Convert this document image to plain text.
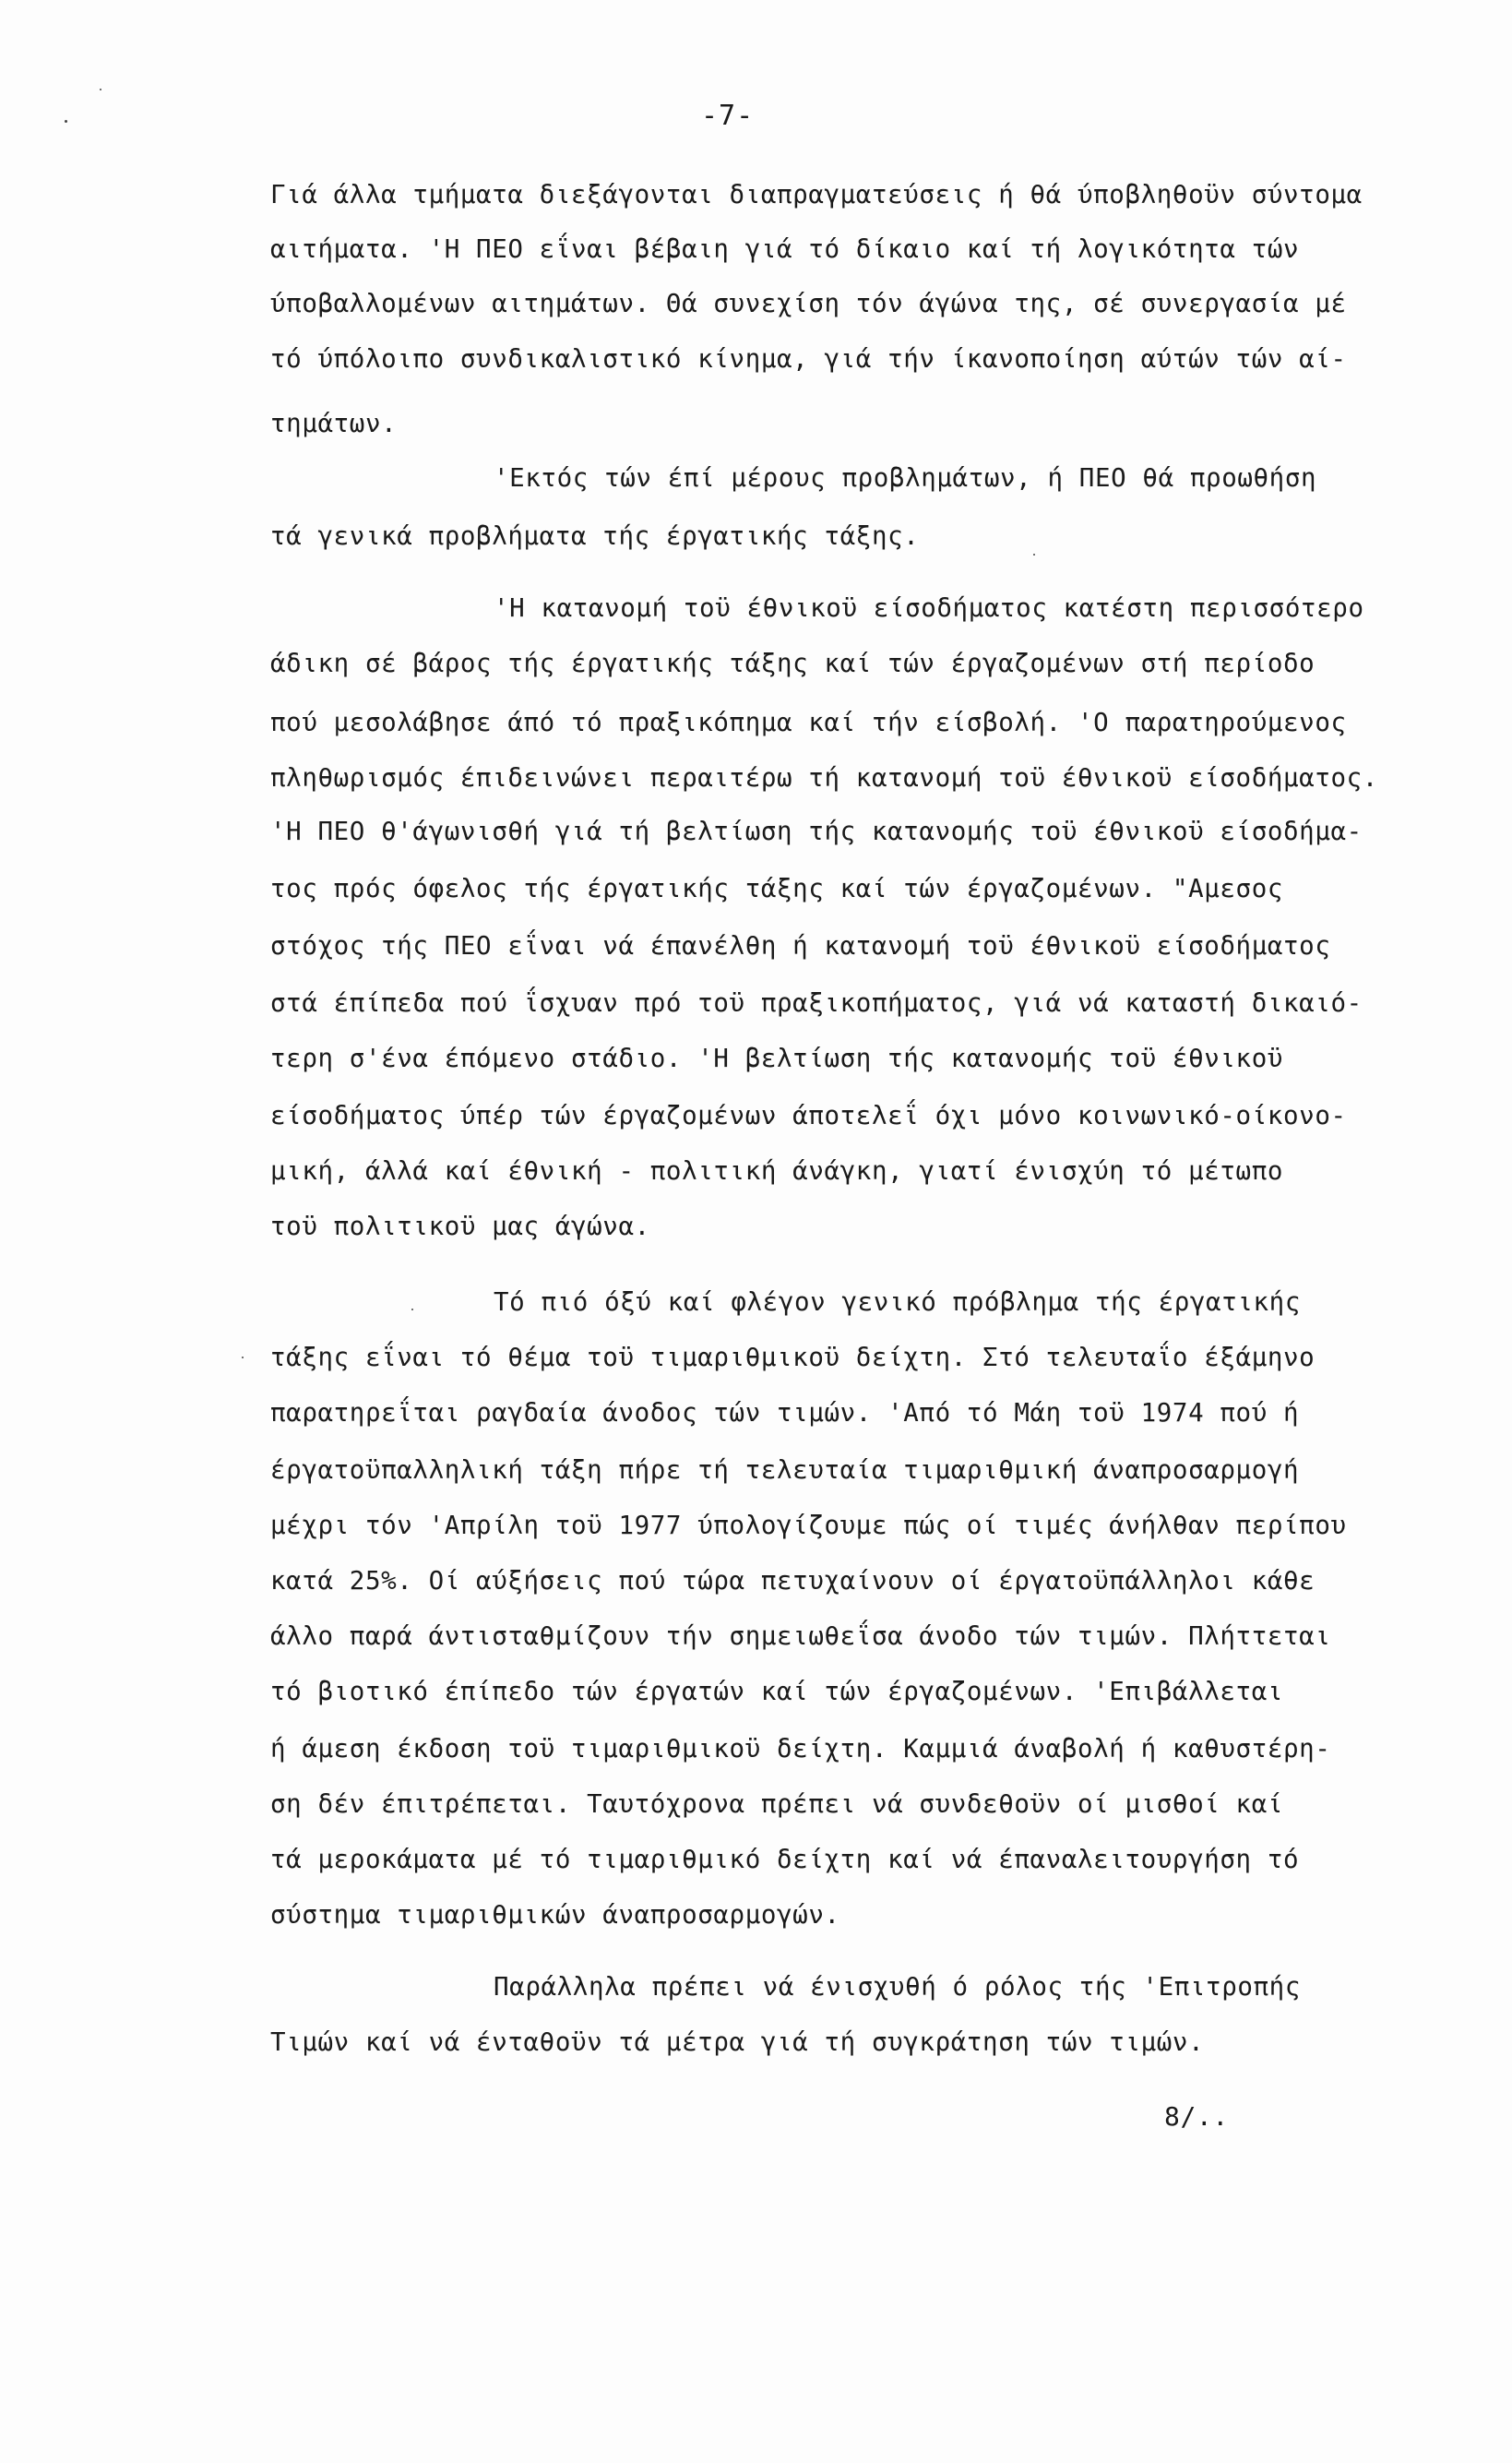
-7-
Γιά άλλα τμήματα διεξάγονται διαπραγματεύσεις ή θά ύποβληθοϋν σύντομα
αιτήματα. 'Η ΠΕΟ εΐναι βέβαιη γιά τό δίκαιο καί τή λογικότητα τών
ύποβαλλομένων αιτημάτων. Θά συνεχίση τόν άγώνα της, σέ συνεργασία μέ
τό ύπόλοιπο συνδικαλιστικό κίνημα, γιά τήν ίκανοποίηση αύτών τών αί-
τημάτων.
'Εκτός τών έπί μέρους προβλημάτων, ή ΠΕΟ θά προωθήση
τά γενικά προβλήματα τής έργατικής τάξης.
'Η κατανομή τοϋ έθνικοϋ είσοδήματος κατέστη περισσότερο
άδικη σέ βάρος τής έργατικής τάξης καί τών έργαζομένων στή περίοδο
πού μεσολάβησε άπό τό πραξικόπημα καί τήν είσβολή. 'Ο παρατηρούμενος
πληθωρισμός έπιδεινώνει περαιτέρω τή κατανομή τοϋ έθνικοϋ είσοδήματος.
'Η ΠΕΟ θ'άγωνισθή γιά τή βελτίωση τής κατανομής τοϋ έθνικοϋ είσοδήμα-
τος πρός όφελος τής έργατικής τάξης καί τών έργαζομένων. "Αμεσος
στόχος τής ΠΕΟ εΐναι νά έπανέλθη ή κατανομή τοϋ έθνικοϋ είσοδήματος
στά έπίπεδα πού ΐσχυαν πρό τοϋ πραξικοπήματος, γιά νά καταστή δικαιό-
τερη σ'ένα έπόμενο στάδιο. 'Η βελτίωση τής κατανομής τοϋ έθνικοϋ
είσοδήματος ύπέρ τών έργαζομένων άποτελεΐ όχι μόνο κοινωνικό-οίκονο-
μική, άλλά καί έθνική - πολιτική άνάγκη, γιατί ένισχύη τό μέτωπο
τοϋ πολιτικοϋ μας άγώνα.
Τό πιό όξύ καί φλέγον γενικό πρόβλημα τής έργατικής
τάξης εΐναι τό θέμα τοϋ τιμαριθμικοϋ δείχτη. Στό τελευταΐο έξάμηνο
παρατηρεΐται ραγδαία άνοδος τών τιμών. 'Από τό Μάη τοϋ 1974 πού ή
έργατοϋπαλληλική τάξη πήρε τή τελευταία τιμαριθμική άναπροσαρμογή
μέχρι τόν 'Απρίλη τοϋ 1977 ύπολογίζουμε πώς οί τιμές άνήλθαν περίπου
κατά 25%. Οί αύξήσεις πού τώρα πετυχαίνουν οί έργατοϋπάλληλοι κάθε
άλλο παρά άντισταθμίζουν τήν σημειωθεΐσα άνοδο τών τιμών. Πλήττεται
τό βιοτικό έπίπεδο τών έργατών καί τών έργαζομένων. 'Επιβάλλεται
ή άμεση έκδοση τοϋ τιμαριθμικοϋ δείχτη. Καμμιά άναβολή ή καθυστέρη-
ση δέν έπιτρέπεται. Ταυτόχρονα πρέπει νά συνδεθοϋν οί μισθοί καί
τά μεροκάματα μέ τό τιμαριθμικό δείχτη καί νά έπαναλειτουργήση τό
σύστημα τιμαριθμικών άναπροσαρμογών.
Παράλληλα πρέπει νά ένισχυθή ό ρόλος τής 'Επιτροπής
Τιμών καί νά ένταθοϋν τά μέτρα γιά τή συγκράτηση τών τιμών.
8/..
